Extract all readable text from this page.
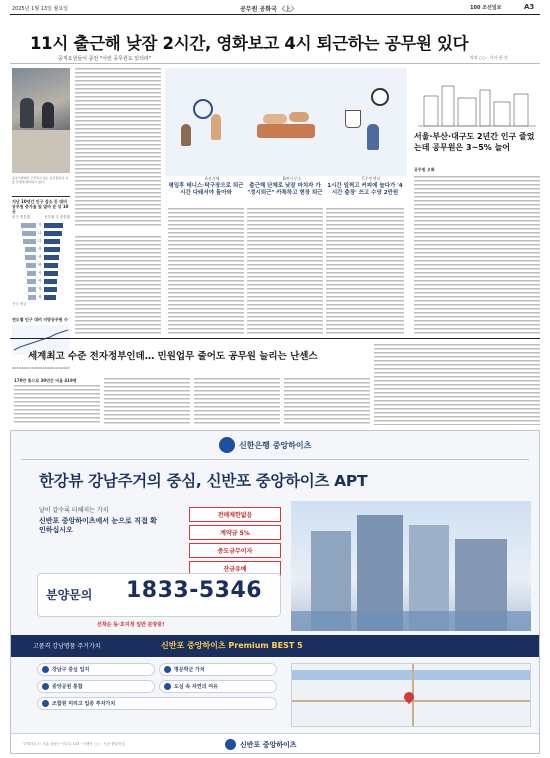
2025년 1월 13일 월요일	공무원 공화국 〈上〉	100 조선일보	A3
11시 출근해 낮잠 2시간, 영화보고 4시 퇴근하는 공무원 있다
공직요원들이 증언 "이런 공무원도 있더라"	각각 ○○ · 기사 한 건
공공기관에서 근무하고 있는 공무원들이 겨울 모임에 참여하고 있다.
지난 10년간 인구 감소 등 대비 공무원 증가율 및 얼마 순 상 10곳
인구 증감률	공무원 수 증감률
가
나
다
라
마
바
사
아
자
차
전국 평균
연도별 인구 대비 지방공무원 수
2015 2016 2017 2018 2019 2020 2021 2022 2023
A지자체	B면사무소	C주민센터
평일후 테니스·탁구장으로 퇴근시간 다돼서야 돌아와
출근해 단체로 낮잠 마치자 가 "정시퇴근" 카톡하고 현장 퇴근
1시간 일찍고 커피에 놀다가 '4시간 출장' 쓰고 수당 2만원
서울·부산·대구도 2년간 인구 줄었는데 공무원은 3~5% 늘어
공무원 오화
세계최고 수준 전자정부인데… 민원업무 줄어도 공무원 늘리는 난센스
170만 통으로 30년간 비율 419명
신한은행 중앙하이츠
한강뷰 강남주거의 중심, 신반포 중앙하이츠 APT
날이 갈수록 더해지는 가치
신반포 중앙하이츠에서 눈으로 직접 확인하십시오
전매제한없음
계약금 5%
중도금무이자
잔금유예
분양문의 1833-5346
선착순 동·호지정 일반 분양중!
고품격 강남명품 주거가치	신반포 중앙하이츠 Premium BEST 5
강남구 중심 입지	명문학군 가치
중앙공원 통합	도심 속 자연의 여유
조합원 미리고 입증 투자가치
신반포 중앙하이츠
모델하우스: 서울 강남구 언주로 123 · 시행사 ○○ · 시공 중앙건설
